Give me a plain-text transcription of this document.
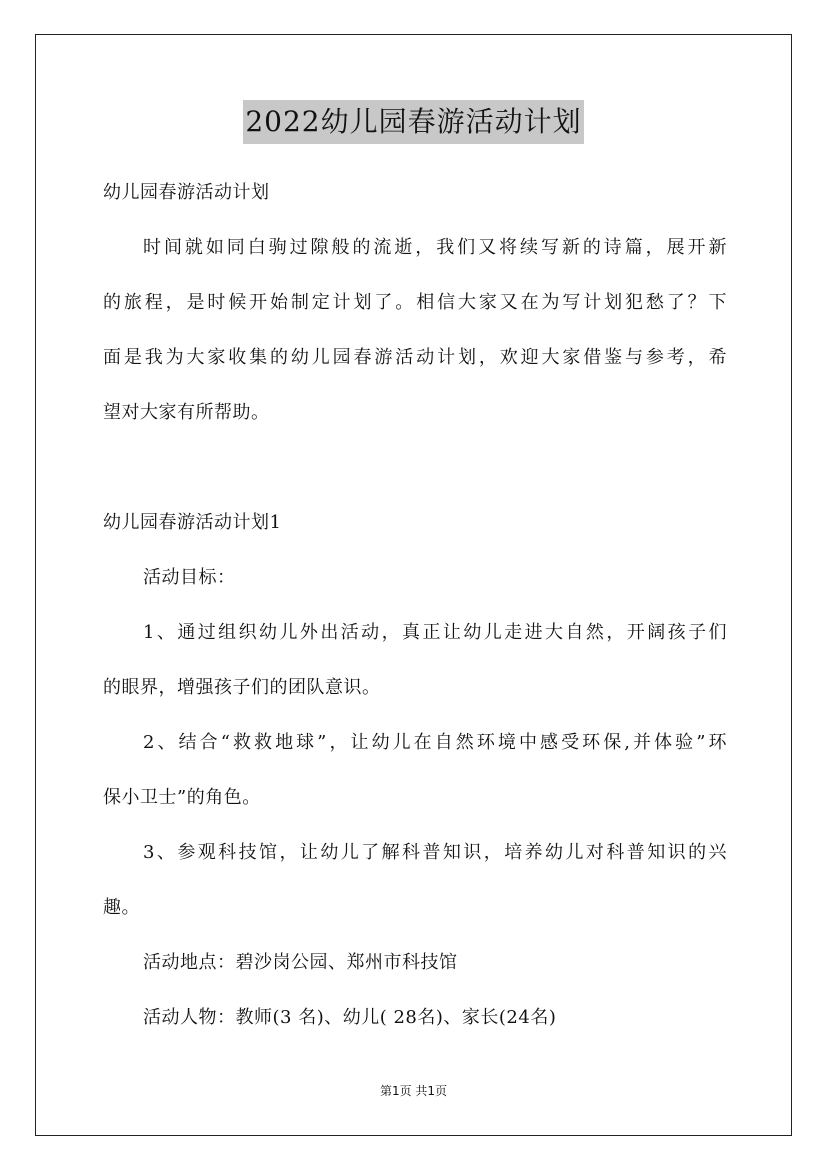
2022幼儿园春游活动计划
幼儿园春游活动计划
时间就如同白驹过隙般的流逝，我们又将续写新的诗篇，展开新
的旅程，是时候开始制定计划了。相信大家又在为写计划犯愁了？下
面是我为大家收集的幼儿园春游活动计划，欢迎大家借鉴与参考，希
望对大家有所帮助。
幼儿园春游活动计划1
活动目标：
1、通过组织幼儿外出活动，真正让幼儿走进大自然，开阔孩子们
的眼界，增强孩子们的团队意识。
2、结合“救救地球”，让幼儿在自然环境中感受环保,并体验”环
保小卫士”的角色。
3、参观科技馆，让幼儿了解科普知识，培养幼儿对科普知识的兴
趣。
活动地点：碧沙岗公园、郑州市科技馆
活动人物：教师(3 名)、幼儿( 28名)、家长(24名)
第1页 共1页
